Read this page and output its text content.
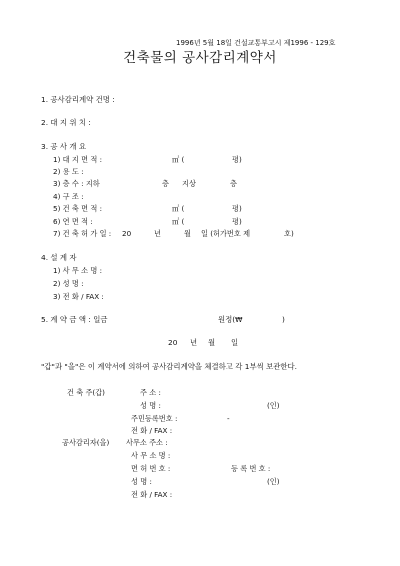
1996년 5월 18일 건설교통부고시 제1996 - 129호
건축물의 공사감리계약서
1. 공사감리계약 건명 :
2. 대 지 위 치 :
3. 공 사 개 요
1) 대 지 면 적 :	㎡ (	평)
2) 용 도 :
3) 층 수 : 지하	층 지상	층
4) 구 조 :
5) 건 축 면 적 :	㎡ (	평)
6) 연 면 적 :	㎡ (	평)
7) 건 축 허 가 일 : 20	년	월 일 (허가번호 제	호)
4. 설 계 자
1) 사 무 소 명 :
2) 성 명 :
3) 전 화 / FAX :
5. 계 약 금 액 : 일금	원정(₩	)
20 년 월 일
"갑"과 "을"은 이 계약서에 의하여 공사감리계약을 체결하고 각 1부씩 보관한다.
건 축 주(갑)	주 소 :
성 명 :	(인)
주민등록번호 :	-
전 화 / FAX :
공사감리자(을) 사무소 주소 :
사 무 소 명 :
면 허 번 호 :	등 록 번 호 :
성 명 :	(인)
전 화 / FAX :
